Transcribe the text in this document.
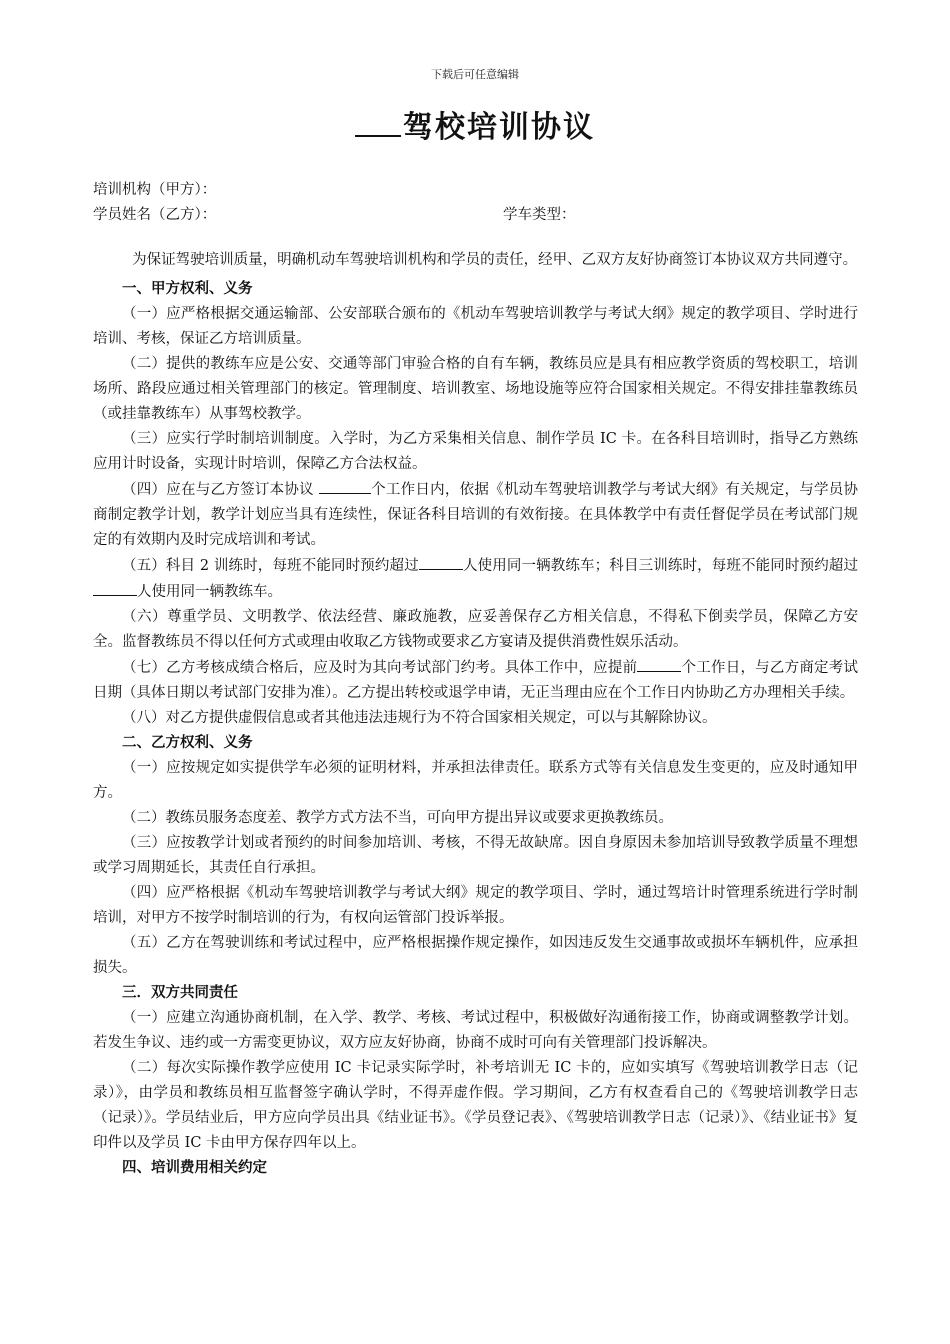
下载后可任意编辑
驾校培训协议
培训机构（甲方）：
学员姓名（乙方）：	学车类型：

为保证驾驶培训质量，明确机动车驾驶培训机构和学员的责任，经甲、乙双方友好协商签订本协议双方共同遵守。

一、甲方权利、义务

（一）应严格根据交通运输部、公安部联合颁布的《机动车驾驶培训教学与考试大纲》规定的教学项目、学时进行培训、考核，保证乙方培训质量。

（二）提供的教练车应是公安、交通等部门审验合格的自有车辆，教练员应是具有相应教学资质的驾校职工，培训场所、路段应通过相关管理部门的核定。管理制度、培训教室、场地设施等应符合国家相关规定。不得安排挂靠教练员（或挂靠教练车）从事驾校教学。

（三）应实行学时制培训制度。入学时，为乙方采集相关信息、制作学员 IC 卡。在各科目培训时，指导乙方熟练应用计时设备，实现计时培训，保障乙方合法权益。

（四）应在与乙方签订本协议	个工作日内，依据《机动车驾驶培训教学与考试大纲》有关规定，与学员协商制定教学计划，教学计划应当具有连续性，保证各科目培训的有效衔接。在具体教学中有责任督促学员在考试部门规定的有效期内及时完成培训和考试。

（五）科目 2 训练时，每班不能同时预约超过	人使用同一辆教练车；科目三训练时，每班不能同时预约超过人使用同一辆教练车。

（六）尊重学员、文明教学、依法经营、廉政施教，应妥善保存乙方相关信息，不得私下倒卖学员，保障乙方安全。监督教练员不得以任何方式或理由收取乙方钱物或要求乙方宴请及提供消费性娱乐活动。

（七）乙方考核成绩合格后，应及时为其向考试部门约考。具体工作中，应提前	个工作日，与乙方商定考试日期（具体日期以考试部门安排为准）。乙方提出转校或退学申请，无正当理由应在个工作日内协助乙方办理相关手续。

（八）对乙方提供虚假信息或者其他违法违规行为不符合国家相关规定，可以与其解除协议。

二、乙方权利、义务

（一）应按规定如实提供学车必须的证明材料，并承担法律责任。联系方式等有关信息发生变更的，应及时通知甲方。

（二）教练员服务态度差、教学方式方法不当，可向甲方提出异议或要求更换教练员。

（三）应按教学计划或者预约的时间参加培训、考核，不得无故缺席。因自身原因未参加培训导致教学质量不理想或学习周期延长，其责任自行承担。

（四）应严格根据《机动车驾驶培训教学与考试大纲》规定的教学项目、学时，通过驾培计时管理系统进行学时制培训，对甲方不按学时制培训的行为，有权向运管部门投诉举报。

（五）乙方在驾驶训练和考试过程中，应严格根据操作规定操作，如因违反发生交通事故或损坏车辆机件，应承担损失。

三．双方共同责任

（一）应建立沟通协商机制，在入学、教学、考核、考试过程中，积极做好沟通衔接工作，协商或调整教学计划。若发生争议、违约或一方需变更协议，双方应友好协商，协商不成时可向有关管理部门投诉解决。

（二）每次实际操作教学应使用 IC 卡记录实际学时，补考培训无 IC 卡的，应如实填写《驾驶培训教学日志（记录）》，由学员和教练员相互监督签字确认学时，不得弄虚作假。学习期间，乙方有权查看自己的《驾驶培训教学日志（记录）》。学员结业后，甲方应向学员出具《结业证书》。《学员登记表》、《驾驶培训教学日志（记录）》、《结业证书》复印件以及学员 IC 卡由甲方保存四年以上。

四、培训费用相关约定
